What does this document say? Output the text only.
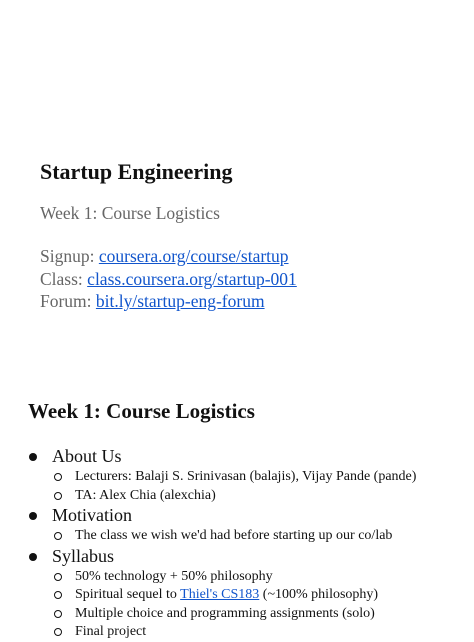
Startup Engineering
Week 1: Course Logistics
Signup: coursera.org/course/startup
Class: class.coursera.org/startup-001
Forum: bit.ly/startup-eng-forum
Week 1: Course Logistics
About Us
Lecturers: Balaji S. Srinivasan (balajis), Vijay Pande (pande)
TA: Alex Chia (alexchia)
Motivation
The class we wish we'd had before starting up our co/lab
Syllabus
50% technology + 50% philosophy
Spiritual sequel to Thiel's CS183 (~100% philosophy)
Multiple choice and programming assignments (solo)
Final project
